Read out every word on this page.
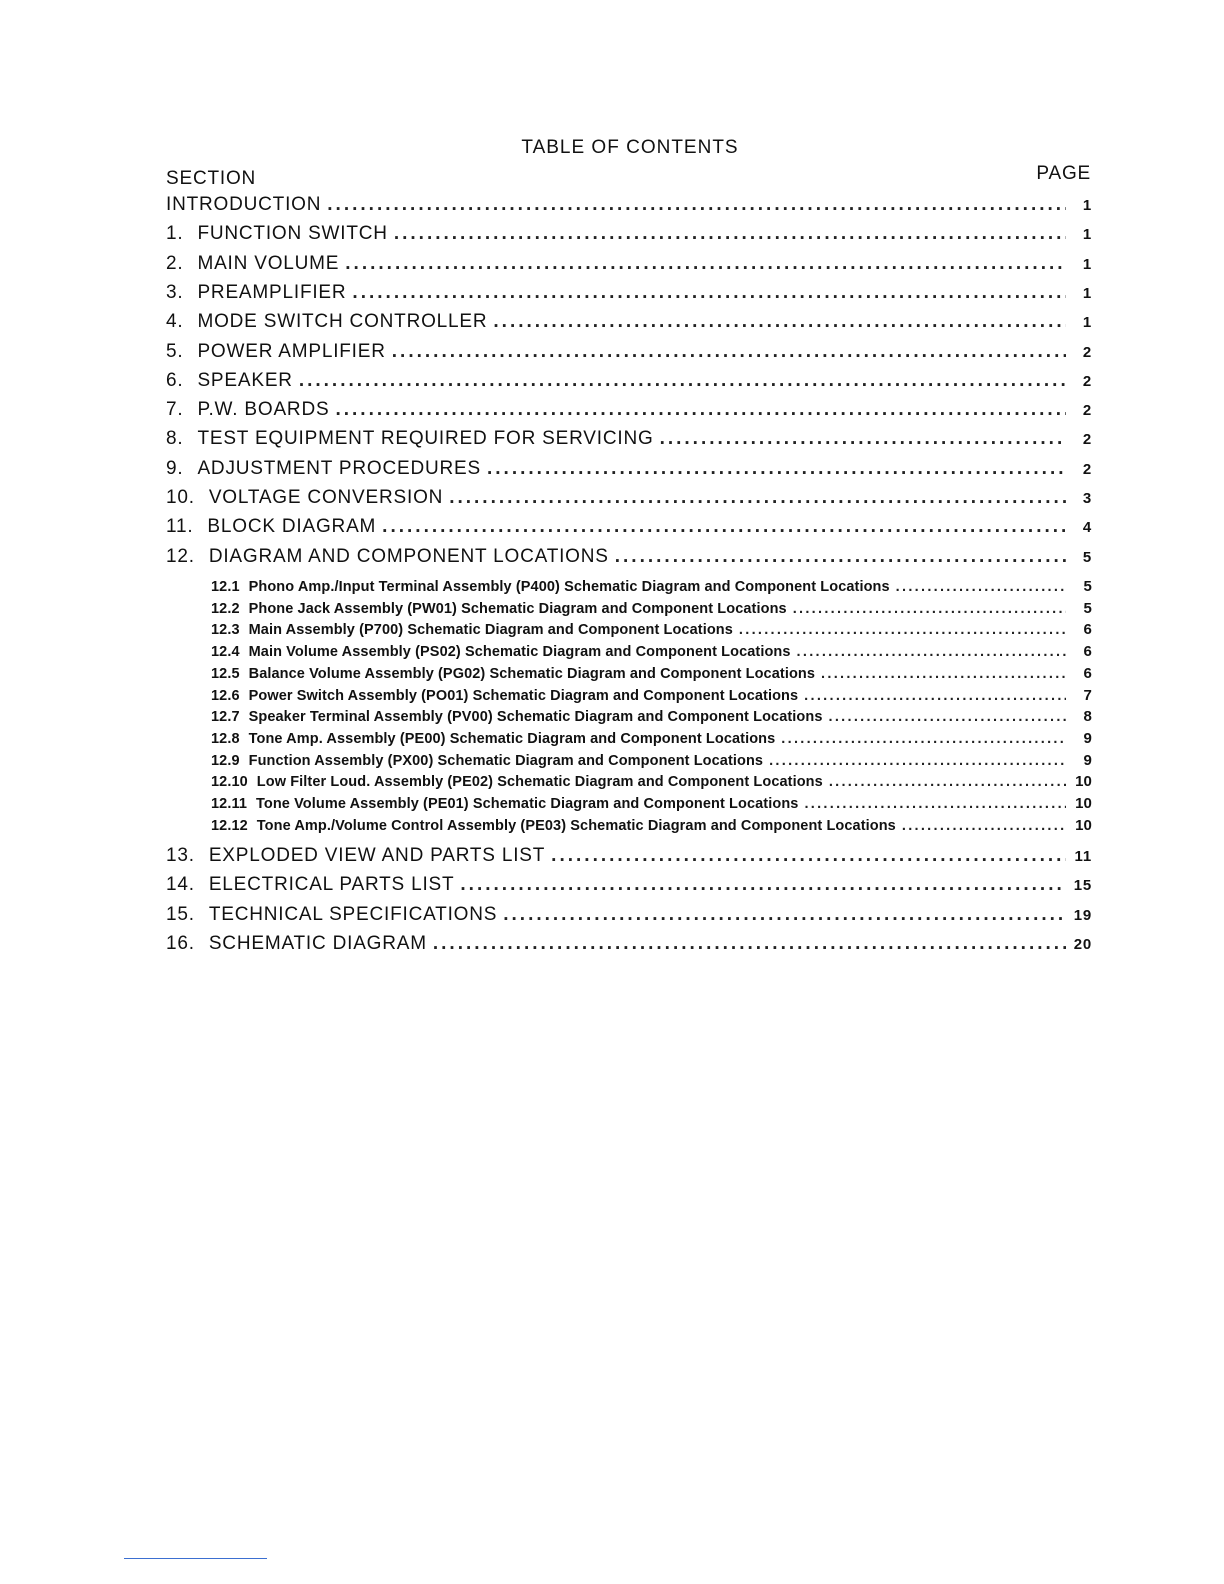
TABLE OF CONTENTS
SECTION	PAGE
INTRODUCTION .....	1
1. FUNCTION SWITCH .....	1
2. MAIN VOLUME .....	1
3. PREAMPLIFIER .....	1
4. MODE SWITCH CONTROLLER .....	1
5. POWER AMPLIFIER .....	2
6. SPEAKER .....	2
7. P.W. BOARDS .....	2
8. TEST EQUIPMENT REQUIRED FOR SERVICING .....	2
9. ADJUSTMENT PROCEDURES .....	2
10. VOLTAGE CONVERSION .....	3
11. BLOCK DIAGRAM .....	4
12. DIAGRAM AND COMPONENT LOCATIONS .....	5
12.1 Phono Amp./Input Terminal Assembly (P400) Schematic Diagram and Component Locations .....	5
12.2 Phone Jack Assembly (PW01) Schematic Diagram and Component Locations .....	5
12.3 Main Assembly (P700) Schematic Diagram and Component Locations .....	6
12.4 Main Volume Assembly (PS02) Schematic Diagram and Component Locations .....	6
12.5 Balance Volume Assembly (PG02) Schematic Diagram and Component Locations .....	6
12.6 Power Switch Assembly (PO01) Schematic Diagram and Component Locations .....	7
12.7 Speaker Terminal Assembly (PV00) Schematic Diagram and Component Locations .....	8
12.8 Tone Amp. Assembly (PE00) Schematic Diagram and Component Locations .....	9
12.9 Function Assembly (PX00) Schematic Diagram and Component Locations .....	9
12.10 Low Filter Loud. Assembly (PE02) Schematic Diagram and Component Locations .....	10
12.11 Tone Volume Assembly (PE01) Schematic Diagram and Component Locations .....	10
12.12 Tone Amp./Volume Control Assembly (PE03) Schematic Diagram and Component Locations .....	10
13. EXPLODED VIEW AND PARTS LIST .....	11
14. ELECTRICAL PARTS LIST .....	15
15. TECHNICAL SPECIFICATIONS .....	19
16. SCHEMATIC DIAGRAM .....	20
